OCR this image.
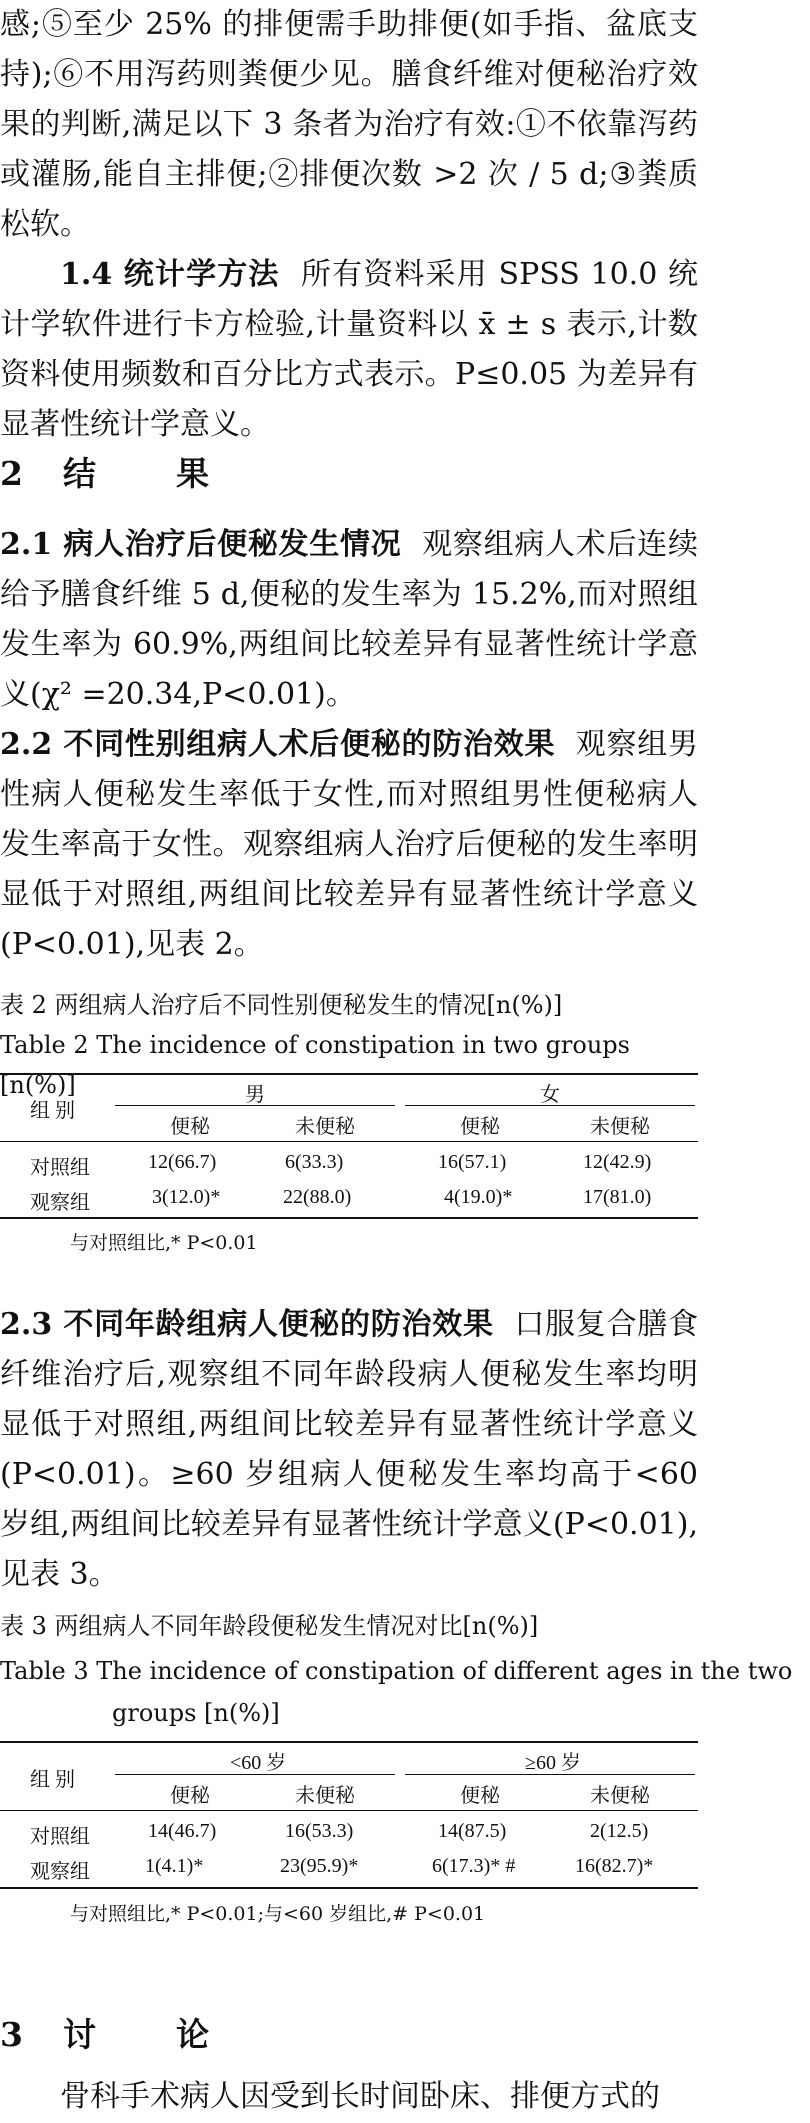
感;⑤至少 25% 的排便需手助排便(如手指、盆底支持);⑥不用泻药则粪便少见。膳食纤维对便秘治疗效果的判断,满足以下 3 条者为治疗有效:①不依靠泻药或灌肠,能自主排便;②排便次数 >2 次 / 5 d;③粪质松软。
1.4 统计学方法 所有资料采用 SPSS 10.0 统计学软件进行卡方检验,计量资料以 x̄ ± s 表示,计数资料使用频数和百分比方式表示。P≤0.05 为差异有显著性统计学意义。
2 结 果
2.1 病人治疗后便秘发生情况 观察组病人术后连续给予膳食纤维 5 d,便秘的发生率为 15.2%,而对照组发生率为 60.9%,两组间比较差异有显著性统计学意义(χ² =20.34,P<0.01)。
2.2 不同性别组病人术后便秘的防治效果 观察组男性病人便秘发生率低于女性,而对照组男性便秘病人发生率高于女性。观察组病人治疗后便秘的发生率明显低于对照组,两组间比较差异有显著性统计学意义(P<0.01),见表 2。
表 2 两组病人治疗后不同性别便秘发生的情况[n(%)]
Table 2 The incidence of constipation in two groups [n(%)]
组 别
男	女
便秘	未便秘	便秘	未便秘
对照组	12(66.7)	6(33.3)	16(57.1)	12(42.9)
观察组	3(12.0)*	22(88.0)	4(19.0)*	17(81.0)
与对照组比,* P<0.01
2.3 不同年龄组病人便秘的防治效果 口服复合膳食纤维治疗后,观察组不同年龄段病人便秘发生率均明显低于对照组,两组间比较差异有显著性统计学意义(P<0.01)。≥60 岁组病人便秘发生率均高于<60 岁组,两组间比较差异有显著性统计学意义(P<0.01),见表 3。
表 3 两组病人不同年龄段便秘发生情况对比[n(%)]
Table 3 The incidence of constipation of different ages in the two groups [n(%)]
组 别
<60 岁	≥60 岁
便秘	未便秘	便秘	未便秘
对照组	14(46.7)	16(53.3)	14(87.5)	2(12.5)
观察组	1(4.1)*	23(95.9)*	6(17.3)* #	16(82.7)*
与对照组比,* P<0.01;与<60 岁组比,# P<0.01
3 讨 论
骨科手术病人因受到长时间卧床、排便方式的
